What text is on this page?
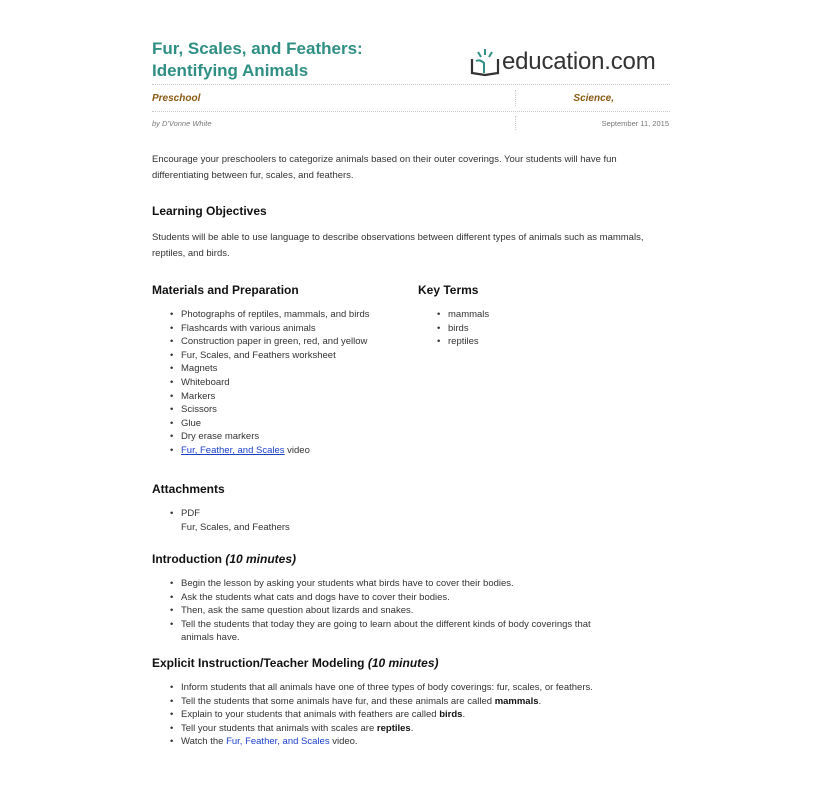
Fur, Scales, and Feathers:
Identifying Animals	education.com
Preschool	Science,
by D'Vonne White	September 11, 2015
Encourage your preschoolers to categorize animals based on their outer coverings. Your students will have fun differentiating between fur, scales, and feathers.
Learning Objectives
Students will be able to use language to describe observations between different types of animals such as mammals, reptiles, and birds.
Materials and Preparation
• Photographs of reptiles, mammals, and birds
• Flashcards with various animals
• Construction paper in green, red, and yellow
• Fur, Scales, and Feathers worksheet
• Magnets
• Whiteboard
• Markers
• Scissors
• Glue
• Dry erase markers
• Fur, Feather, and Scales video
Key Terms
• mammals
• birds
• reptiles
Attachments
• PDF
Fur, Scales, and Feathers
Introduction (10 minutes)
• Begin the lesson by asking your students what birds have to cover their bodies.
• Ask the students what cats and dogs have to cover their bodies.
• Then, ask the same question about lizards and snakes.
• Tell the students that today they are going to learn about the different kinds of body coverings that
animals have.
Explicit Instruction/Teacher Modeling (10 minutes)
• Inform students that all animals have one of three types of body coverings: fur, scales, or feathers.
• Tell the students that some animals have fur, and these animals are called mammals.
• Explain to your students that animals with feathers are called birds.
• Tell your students that animals with scales are reptiles.
• Watch the Fur, Feather, and Scales video.
